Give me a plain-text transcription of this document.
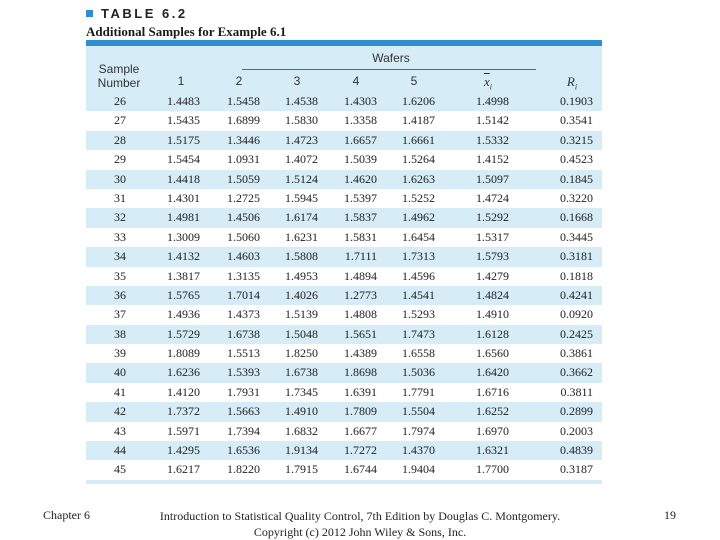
TABLE 6.2
Additional Samples for Example 6.1
Wafers
Sample
Number	1	2	3	4	5	$\overline{x}_i$	$R_i$
26	1.4483	1.5458	1.4538	1.4303	1.6206	1.4998	0.1903
27	1.5435	1.6899	1.5830	1.3358	1.4187	1.5142	0.3541
28	1.5175	1.3446	1.4723	1.6657	1.6661	1.5332	0.3215
29	1.5454	1.0931	1.4072	1.5039	1.5264	1.4152	0.4523
30	1.4418	1.5059	1.5124	1.4620	1.6263	1.5097	0.1845
31	1.4301	1.2725	1.5945	1.5397	1.5252	1.4724	0.3220
32	1.4981	1.4506	1.6174	1.5837	1.4962	1.5292	0.1668
33	1.3009	1.5060	1.6231	1.5831	1.6454	1.5317	0.3445
34	1.4132	1.4603	1.5808	1.7111	1.7313	1.5793	0.3181
35	1.3817	1.3135	1.4953	1.4894	1.4596	1.4279	0.1818
36	1.5765	1.7014	1.4026	1.2773	1.4541	1.4824	0.4241
37	1.4936	1.4373	1.5139	1.4808	1.5293	1.4910	0.0920
38	1.5729	1.6738	1.5048	1.5651	1.7473	1.6128	0.2425
39	1.8089	1.5513	1.8250	1.4389	1.6558	1.6560	0.3861
40	1.6236	1.5393	1.6738	1.8698	1.5036	1.6420	0.3662
41	1.4120	1.7931	1.7345	1.6391	1.7791	1.6716	0.3811
42	1.7372	1.5663	1.4910	1.7809	1.5504	1.6252	0.2899
43	1.5971	1.7394	1.6832	1.6677	1.7974	1.6970	0.2003
44	1.4295	1.6536	1.9134	1.7272	1.4370	1.6321	0.4839
45	1.6217	1.8220	1.7915	1.6744	1.9404	1.7700	0.3187
Chapter 6	Introduction to Statistical Quality Control, 7th Edition by Douglas C. Montgomery.
Copyright (c) 2012 John Wiley & Sons, Inc.
19
